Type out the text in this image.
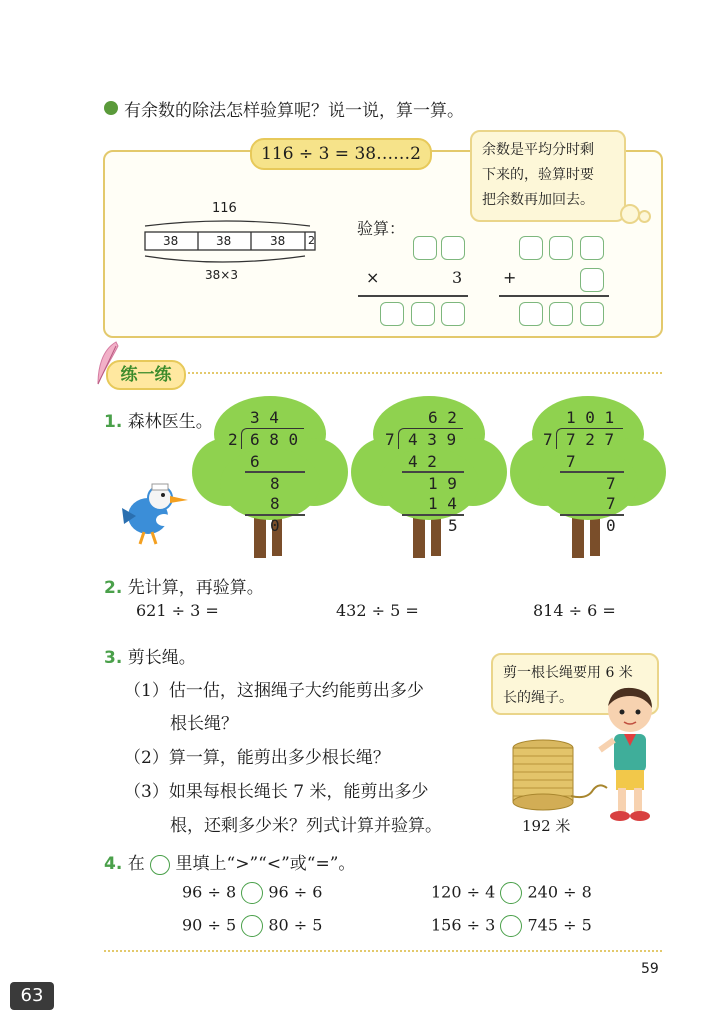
有余数的除法怎样验算呢？说一说，算一算。
116 ÷ 3 = 38……2	余数是平均分时剩
下来的，验算时要
把余数再加回去。
116
38	38	38 2
38×3
验算：
×	3	+
练一练
1. 森林医生。 3 4
2 6 8 0
6
8
8
0
6 2
7 4 3 9
4 2
1 9
1 4
5
1 0 1
7 7 2 7
7
7
7
0
2. 先计算，再验算。
621 ÷ 3 =	432 ÷ 5 =	814 ÷ 6 =
3. 剪长绳。
（1）估一估，这捆绳子大约能剪出多少
根长绳？
（2）算一算，能剪出多少根长绳？
（3）如果每根长绳长 7 米，能剪出多少
根，还剩多少米？列式计算并验算。
剪一根长绳要用 6 米
长的绳子。
192 米
4. 在 里填上“>”“<”或“=”。
96 ÷ 8 96 ÷ 6	120 ÷ 4 240 ÷ 8
90 ÷ 5 80 ÷ 5	156 ÷ 3 745 ÷ 5
59
63
